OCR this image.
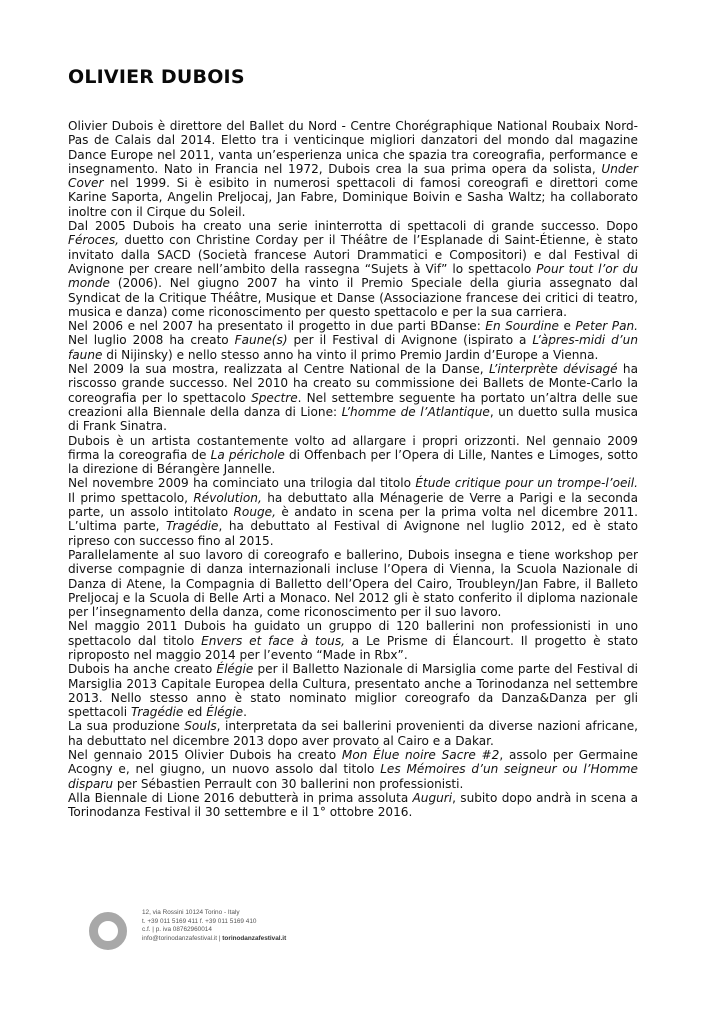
OLIVIER DUBOIS

Olivier Dubois è direttore del Ballet du Nord - Centre Chorégraphique National Roubaix Nord-Pas de Calais dal 2014. Eletto tra i venticinque migliori danzatori del mondo dal magazine Dance Europe nel 2011, vanta un’esperienza unica che spazia tra coreografia, performance e insegnamento. Nato in Francia nel 1972, Dubois crea la sua prima opera da solista, Under Cover nel 1999. Si è esibito in numerosi spettacoli di famosi coreografi e direttori come Karine Saporta, Angelin Preljocaj, Jan Fabre, Dominique Boivin e Sasha Waltz; ha collaborato inoltre con il Cirque du Soleil.

Dal 2005 Dubois ha creato una serie ininterrotta di spettacoli di grande successo. Dopo Féroces, duetto con Christine Corday per il Théâtre de l’Esplanade di Saint-Étienne, è stato invitato dalla SACD (Società francese Autori Drammatici e Compositori) e dal Festival di Avignone per creare nell’ambito della rassegna “Sujets à Vif” lo spettacolo Pour tout l’or du monde (2006). Nel giugno 2007 ha vinto il Premio Speciale della giuria assegnato dal Syndicat de la Critique Théâtre, Musique et Danse (Associazione francese dei critici di teatro, musica e danza) come riconoscimento per questo spettacolo e per la sua carriera.

Nel 2006 e nel 2007 ha presentato il progetto in due parti BDanse: En Sourdine e Peter Pan. Nel luglio 2008 ha creato Faune(s) per il Festival di Avignone (ispirato a L’àpres-midi d’un faune di Nijinsky) e nello stesso anno ha vinto il primo Premio Jardin d’Europe a Vienna.

Nel 2009 la sua mostra, realizzata al Centre National de la Danse, L’interprète dévisagé ha riscosso grande successo. Nel 2010 ha creato su commissione dei Ballets de Monte-Carlo la coreografia per lo spettacolo Spectre. Nel settembre seguente ha portato un’altra delle sue creazioni alla Biennale della danza di Lione: L’homme de l’Atlantique, un duetto sulla musica di Frank Sinatra.

Dubois è un artista costantemente volto ad allargare i propri orizzonti. Nel gennaio 2009 firma la coreografia de La périchole di Offenbach per l’Opera di Lille, Nantes e Limoges, sotto la direzione di Bérangère Jannelle.

Nel novembre 2009 ha cominciato una trilogia dal titolo Étude critique pour un trompe-l’oeil. Il primo spettacolo, Révolution, ha debuttato alla Ménagerie de Verre a Parigi e la seconda parte, un assolo intitolato Rouge, è andato in scena per la prima volta nel dicembre 2011. L’ultima parte, Tragédie, ha debuttato al Festival di Avignone nel luglio 2012, ed è stato ripreso con successo fino al 2015.

Parallelamente al suo lavoro di coreografo e ballerino, Dubois insegna e tiene workshop per diverse compagnie di danza internazionali incluse l’Opera di Vienna, la Scuola Nazionale di Danza di Atene, la Compagnia di Balletto dell’Opera del Cairo, Troubleyn/Jan Fabre, il Balleto Preljocaj e la Scuola di Belle Arti a Monaco. Nel 2012 gli è stato conferito il diploma nazionale per l’insegnamento della danza, come riconoscimento per il suo lavoro.

Nel maggio 2011 Dubois ha guidato un gruppo di 120 ballerini non professionisti in uno spettacolo dal titolo Envers et face à tous, a Le Prisme di Élancourt. Il progetto è stato riproposto nel maggio 2014 per l’evento “Made in Rbx”.

Dubois ha anche creato Élégie per il Balletto Nazionale di Marsiglia come parte del Festival di Marsiglia 2013 Capitale Europea della Cultura, presentato anche a Torinodanza nel settembre 2013. Nello stesso anno è stato nominato miglior coreografo da Danza&Danza per gli spettacoli Tragédie ed Élégie.

La sua produzione Souls, interpretata da sei ballerini provenienti da diverse nazioni africane, ha debuttato nel dicembre 2013 dopo aver provato al Cairo e a Dakar.

Nel gennaio 2015 Olivier Dubois ha creato Mon Élue noire Sacre #2, assolo per Germaine Acogny e, nel giugno, un nuovo assolo dal titolo Les Mémoires d’un seigneur ou l’Homme disparu per Sébastien Perrault con 30 ballerini non professionisti.

Alla Biennale di Lione 2016 debutterà in prima assoluta Auguri, subito dopo andrà in scena a Torinodanza Festival il 30 settembre e il 1° ottobre 2016.

12, via Rossini 10124 Torino - Italy
t. +39 011 5169 411 f. +39 011 5169 410
c.f. | p. iva 08762960014
info@torinodanzafestival.it | torinodanzafestival.it
